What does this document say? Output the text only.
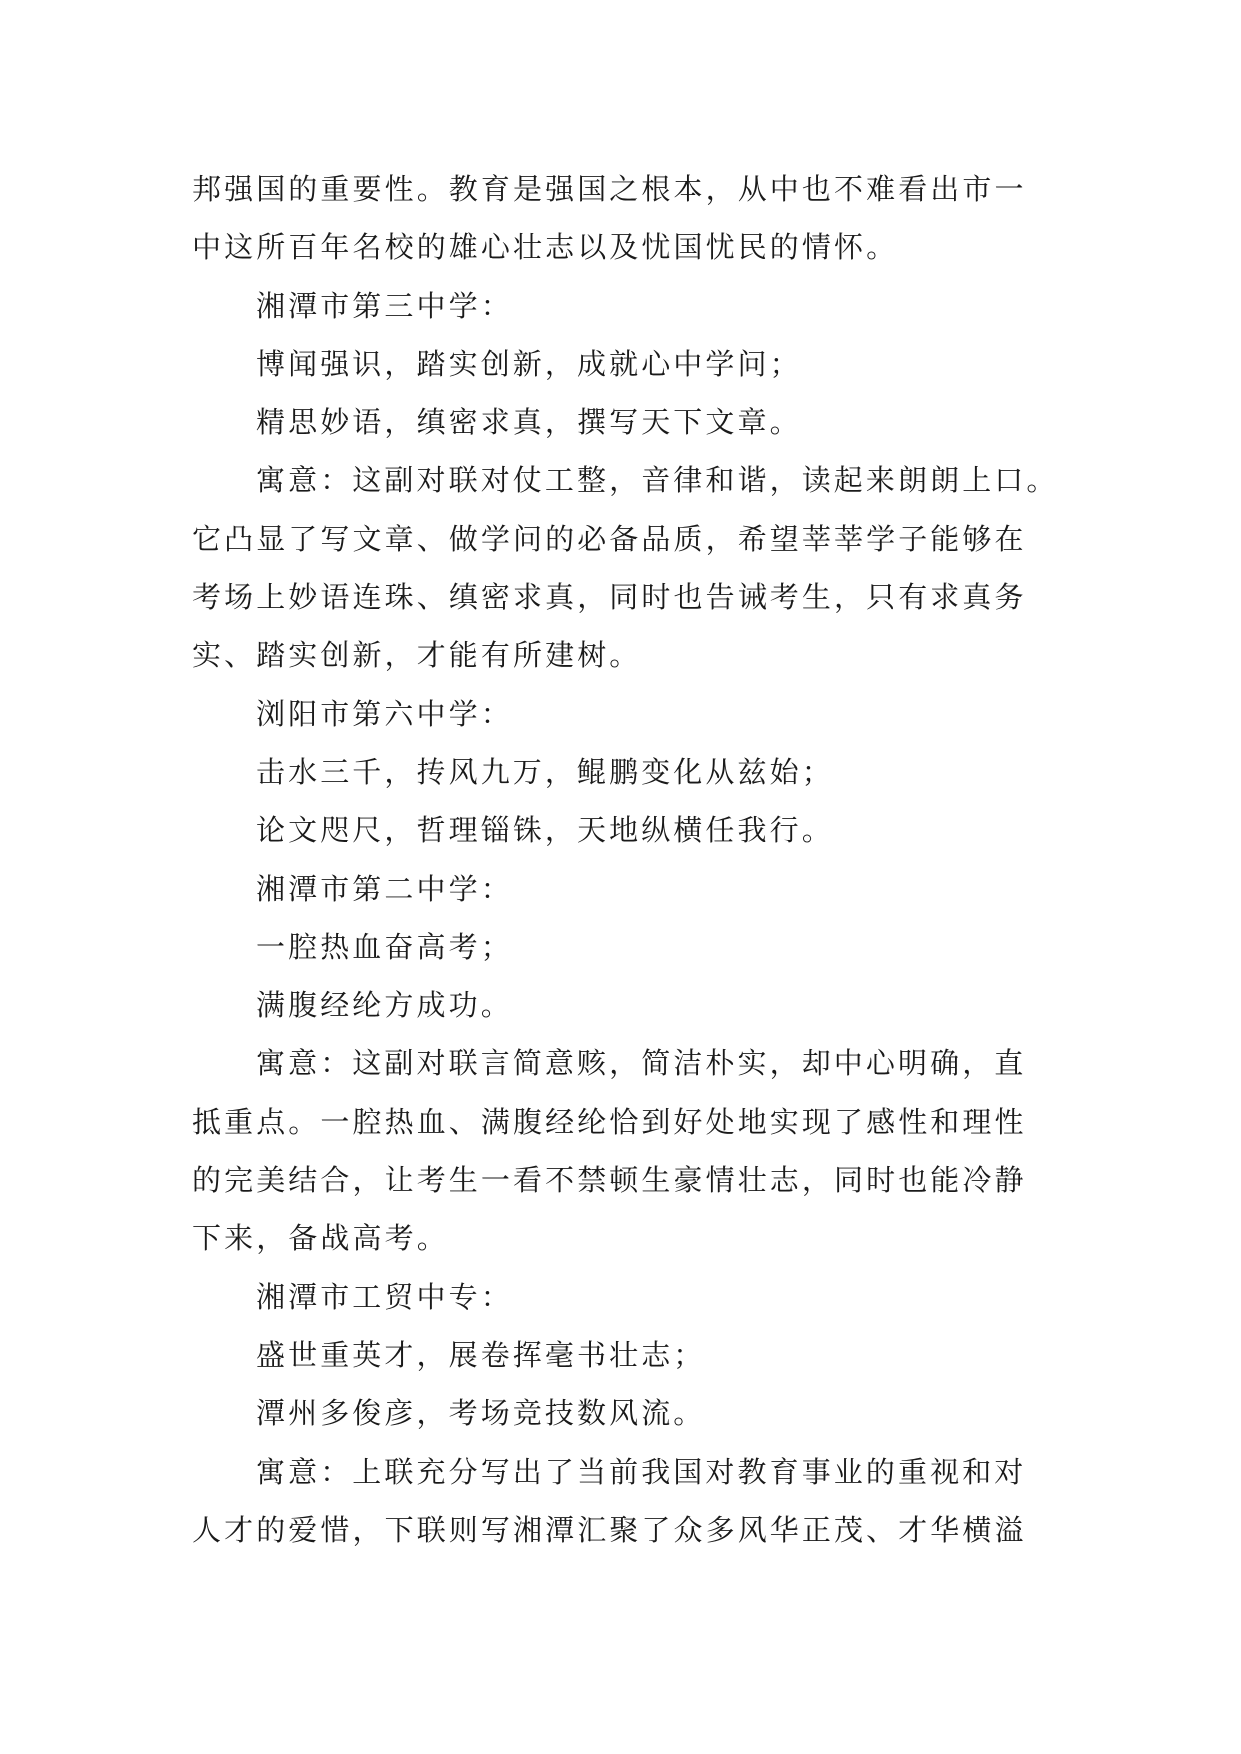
邦强国的重要性。教育是强国之根本，从中也不难看出市一
中这所百年名校的雄心壮志以及忧国忧民的情怀。
湘潭市第三中学：
博闻强识，踏实创新，成就心中学问；
精思妙语，缜密求真，撰写天下文章。
寓意：这副对联对仗工整，音律和谐，读起来朗朗上口。
它凸显了写文章、做学问的必备品质，希望莘莘学子能够在
考场上妙语连珠、缜密求真，同时也告诫考生，只有求真务
实、踏实创新，才能有所建树。
浏阳市第六中学：
击水三千，抟风九万，鲲鹏变化从兹始；
论文咫尺，哲理锱铢，天地纵横任我行。
湘潭市第二中学：
一腔热血奋高考；
满腹经纶方成功。
寓意：这副对联言简意赅，简洁朴实，却中心明确，直
抵重点。一腔热血、满腹经纶恰到好处地实现了感性和理性
的完美结合，让考生一看不禁顿生豪情壮志，同时也能冷静
下来，备战高考。
湘潭市工贸中专：
盛世重英才，展卷挥毫书壮志；
潭州多俊彦，考场竞技数风流。
寓意：上联充分写出了当前我国对教育事业的重视和对
人才的爱惜，下联则写湘潭汇聚了众多风华正茂、才华横溢
